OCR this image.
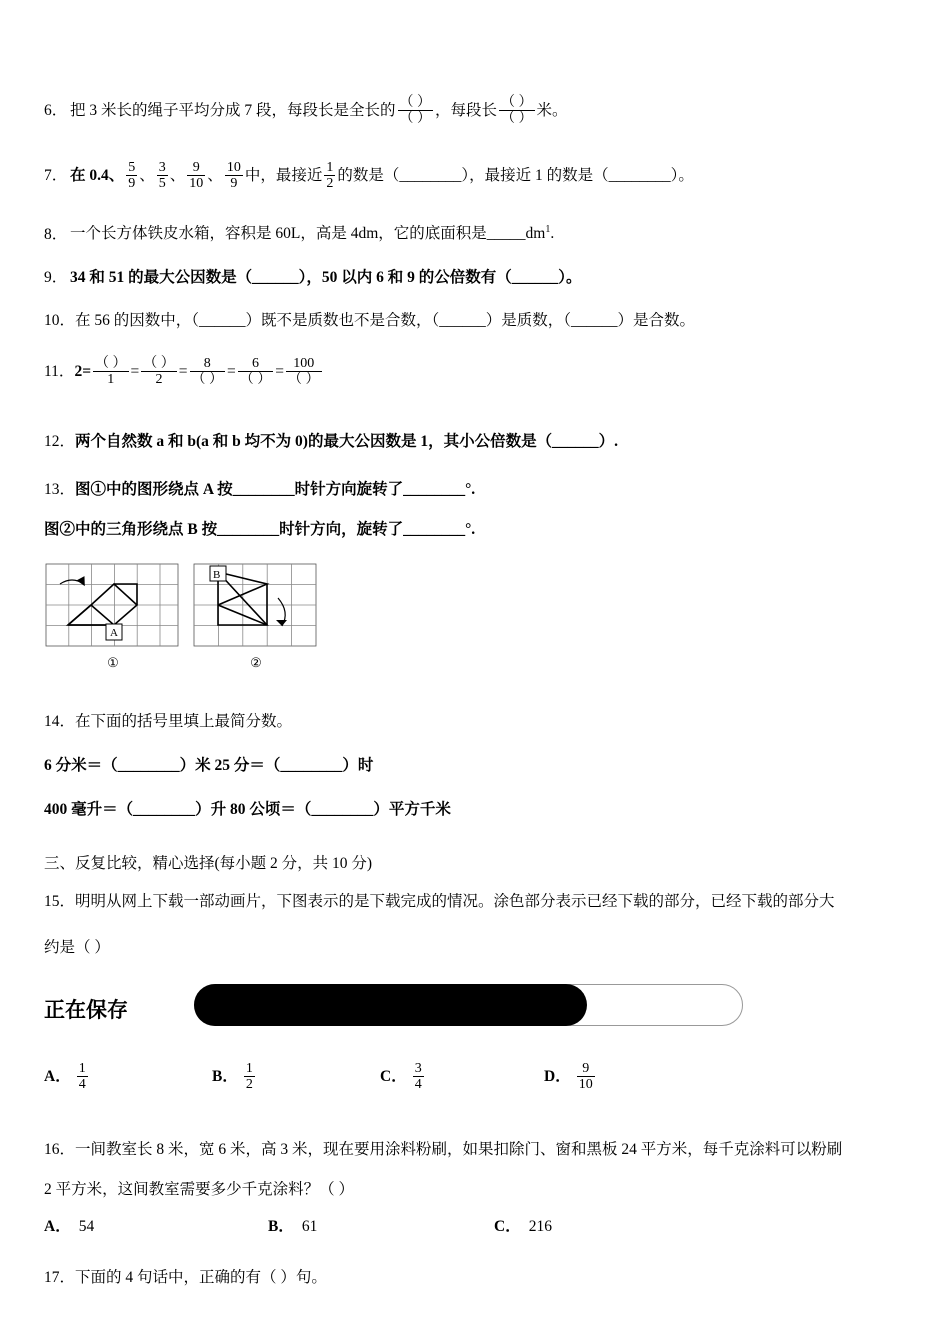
6． 把 3 米长的绳子平均分成 7 段，每段长是全长的 $\frac{( )}{( )}$ ，每段长 $\frac{( )}{( )}$ 米。
7． 在 0.4、 $\frac{5}{9}$ 、 $\frac{3}{5}$ 、 $\frac{9}{10}$ 、 $\frac{10}{9}$ 中，最接近 $\frac{1}{2}$ 的数是（________），最接近 1 的数是（________）。
8． 一个长方体铁皮水箱，容积是 60L，高是 4dm，它的底面积是$\_\_\_\_\_dm^1$.
9． 34 和 51 的最大公因数是（______），50 以内 6 和 9 的公倍数有（______）。
10．在 56 的因数中，（______）既不是质数也不是合数，（______）是质数，（______）是合数。
11．$2= \frac{( )}{1} = \frac{( )}{2} = \frac{8}{( )} = \frac{6}{( )} = \frac{100}{( )}$
12．两个自然数 a 和 b(a 和 b 均不为 0)的最大公因数是 1，其小公倍数是（______）.
13．图①中的图形绕点 A 按________时针方向旋转了________°.
图②中的三角形绕点 B 按________时针方向，旋转了________°.
A
①
B
②
14．在下面的括号里填上最简分数。
6 分米＝（________）米 25 分＝（________）时
400 毫升＝（________）升 80 公顷＝（________）平方千米
三、反复比较，精心选择(每小题 2 分，共 10 分)
15．明明从网上下载一部动画片，下图表示的是下载完成的情况。涂色部分表示已经下载的部分，已经下载的部分大
约是（ ）
正在保存
A． $\frac{1}{4}$	B． $\frac{1}{2}$	C． $\frac{3}{4}$	D． $\frac{9}{10}$
16．一间教室长 8 米，宽 6 米，高 3 米，现在要用涂料粉刷，如果扣除门、窗和黑板 24 平方米，每千克涂料可以粉刷
2 平方米，这间教室需要多少千克涂料？（ ）
A． 54	B． 61	C． 216
17．下面的 4 句话中，正确的有（ ）句。
